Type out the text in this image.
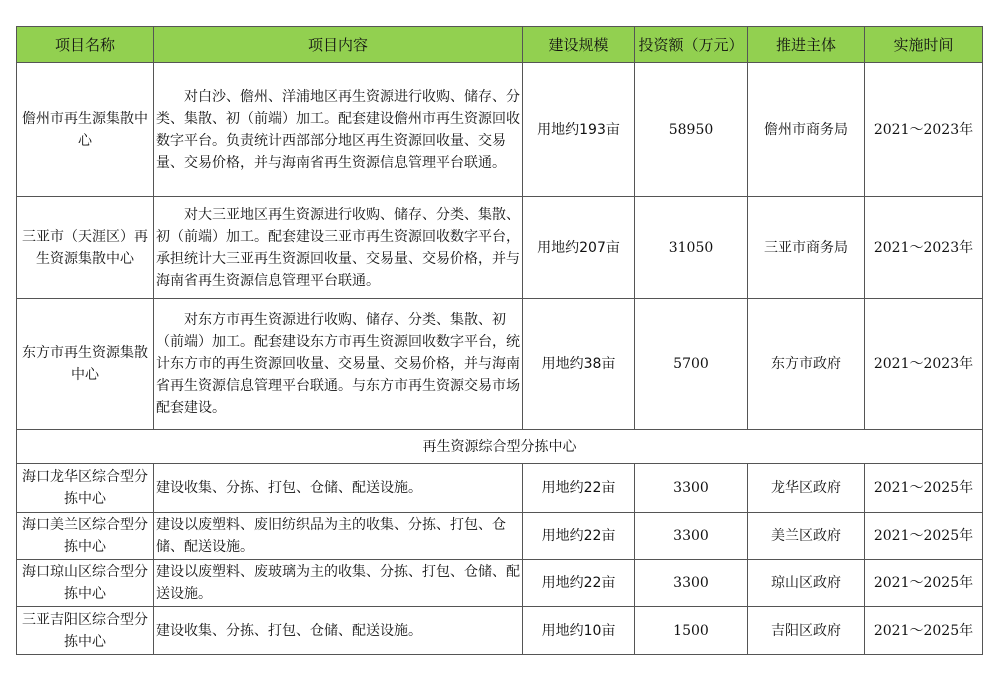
项目名称	项目内容	建设规模	投资额（万元）	推进主体	实施时间
儋州市再生源集散中心	对白沙、儋州、洋浦地区再生资源进行收购、储存、分类、集散、初（前端）加工。配套建设儋州市再生资源回收数字平台。负责统计西部部分地区再生资源回收量、交易量、交易价格，并与海南省再生资源信息管理平台联通。	用地约193亩	58950	儋州市商务局	2021～2023年
三亚市（天涯区）再生资源集散中心	对大三亚地区再生资源进行收购、储存、分类、集散、初（前端）加工。配套建设三亚市再生资源回收数字平台，承担统计大三亚再生资源回收量、交易量、交易价格，并与海南省再生资源信息管理平台联通。	用地约207亩	31050	三亚市商务局	2021～2023年
东方市再生资源集散中心	对东方市再生资源进行收购、储存、分类、集散、初（前端）加工。配套建设东方市再生资源回收数字平台，统计东方市的再生资源回收量、交易量、交易价格，并与海南省再生资源信息管理平台联通。与东方市再生资源交易市场配套建设。	用地约38亩	5700	东方市政府	2021～2023年
再生资源综合型分拣中心					
海口龙华区综合型分拣中心	建设收集、分拣、打包、仓储、配送设施。	用地约22亩	3300	龙华区政府	2021～2025年
海口美兰区综合型分拣中心	建设以废塑料、废旧纺织品为主的收集、分拣、打包、仓储、配送设施。	用地约22亩	3300	美兰区政府	2021～2025年
海口琼山区综合型分拣中心	建设以废塑料、废玻璃为主的收集、分拣、打包、仓储、配送设施。	用地约22亩	3300	琼山区政府	2021～2025年
三亚吉阳区综合型分拣中心	建设收集、分拣、打包、仓储、配送设施。	用地约10亩	1500	吉阳区政府	2021～2025年
